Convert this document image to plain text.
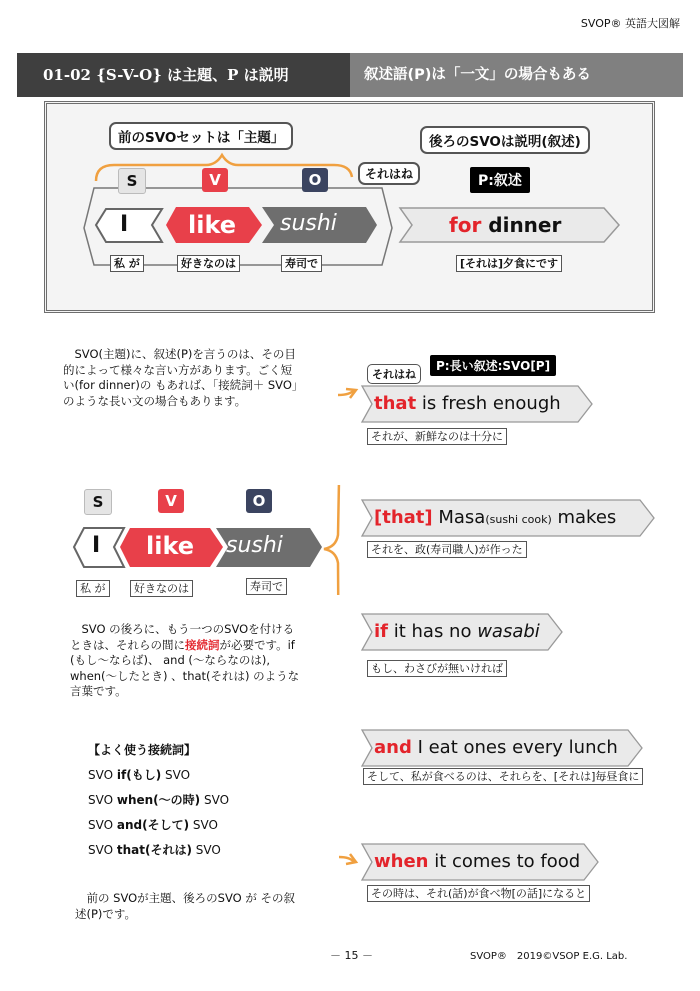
SVOP® 英語大図解
01-02 {S-V-O} は主題、P は説明	叙述語(P)は「一文」の場合もある
前のSVOセットは「主題」	後ろのSVOは説明(叙述)
それはね	P:叙述
S	V	O
I like sushi	for dinner
私 が	好きなのは	寿司で	[それは]夕食にです
SVO(主題)に、叙述(P)を言うのは、その目的によって様々な言い方があります。ごく短い(for dinner)の もあれば、「接続詞＋ SVO」のような長い文の場合もあります。
S	V	O
I like sushi
私 が	好きなのは	寿司で
SVO の後ろに、もう一つのSVOを付けるときは、それらの間に接続詞が必要です。if (もし～ならば)、 and (～ならなのは), when(～したとき) 、that(それは) のような言葉です。
【よく使う接続詞】
SVO if(もし) SVO
SVO when(～の時) SVO
SVO and(そして) SVO
SVO that(それは) SVO
前の SVOが主題、後ろのSVO が その叙述(P)です。
それはね
P:長い叙述:SVO[P]
that is fresh enough
それが、新鮮なのは十分に
[that] Masa(sushi cook) makes
それを、政(寿司職人)が作った
if it has no wasabi
もし、わさびが無いければ
and I eat ones every lunch
そして、私が食べるのは、それらを、[それは]毎昼食に
when it comes to food
その時は、それ(話)が食べ物[の話]になると
－ 15 －	SVOP®　2019©VSOP E.G. Lab.
